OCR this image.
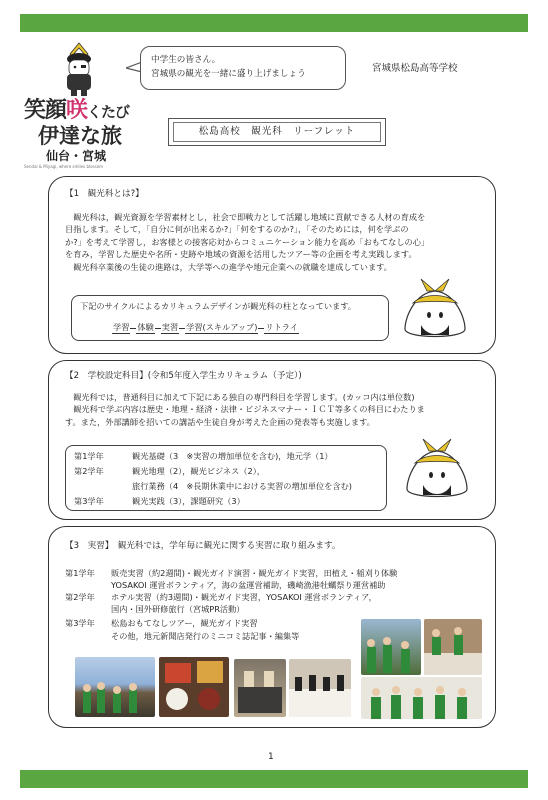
笑顔咲くたび
伊達な旅
仙台・宮城
Sendai & Miyagi, where smiles blossom
中学生の皆さん。
宮城県の観光を一緒に盛り上げましょう	宮城県松島高等学校
松島高校　観光科　リーフレット
【1　観光科とは?】

　観光科は，観光資源を学習素材とし，社会で即戦力として活躍し地域に貢献できる人材の育成を

目指します。そして，「自分に何が出来るか?」「何をするのか?」，「そのためには，何を学ぶの

か?」を考えて学習し，お客様との接客応対からコミュニケーション能力を高め「おもてなしの心」

を育み，学習した歴史や名所・史跡や地域の資源を活用したツアー等の企画を考え実践します。

　観光科卒業後の生徒の進路は，大学等への進学や地元企業への就職を達成しています。

下記のサイクルによるカリキュラムデザインが観光科の柱となっています。
学習 体験 実習 学習(スキルアップ) リトライ
【2　学校設定科目】(令和5年度入学生カリキュラム（予定）)

　観光科では，普通科目に加えて下記にある独自の専門科目を学習します。(カッコ内は単位数)

　観光科で学ぶ内容は歴史・地理・経済・法律・ビジネスマナー・ＩＣＴ等多くの科目にわたりま

す。また，外部講師を招いての講話や生徒自身が考えた企画の発表等も実施します。

第1学年	観光基礎（3　※実習の増加単位を含む)，地元学（1）
第2学年	観光地理（2），観光ビジネス（2），
旅行業務（4　※長期休業中における実習の増加単位を含む)
第3学年	観光実践（3），課題研究（3）
【3　実習】　観光科では，学年毎に観光に関する実習に取り組みます。
第1学年 販売実習（約2週間)・観光ガイド演習・観光ガイド実習，田植え・稲刈り体験
YOSAKOI 運営ボランティア，海の盆運営補助，磯崎漁港牡蠣祭り運営補助
第2学年 ホテル実習（約3週間)・観光ガイド実習，YOSAKOI 運営ボランティア，
国内・国外研修旅行（宮城PR活動）
第3学年 松島おもてなしツアー，観光ガイド実習
その他，地元新聞店発行のミニコミ誌記事・編集等
1
